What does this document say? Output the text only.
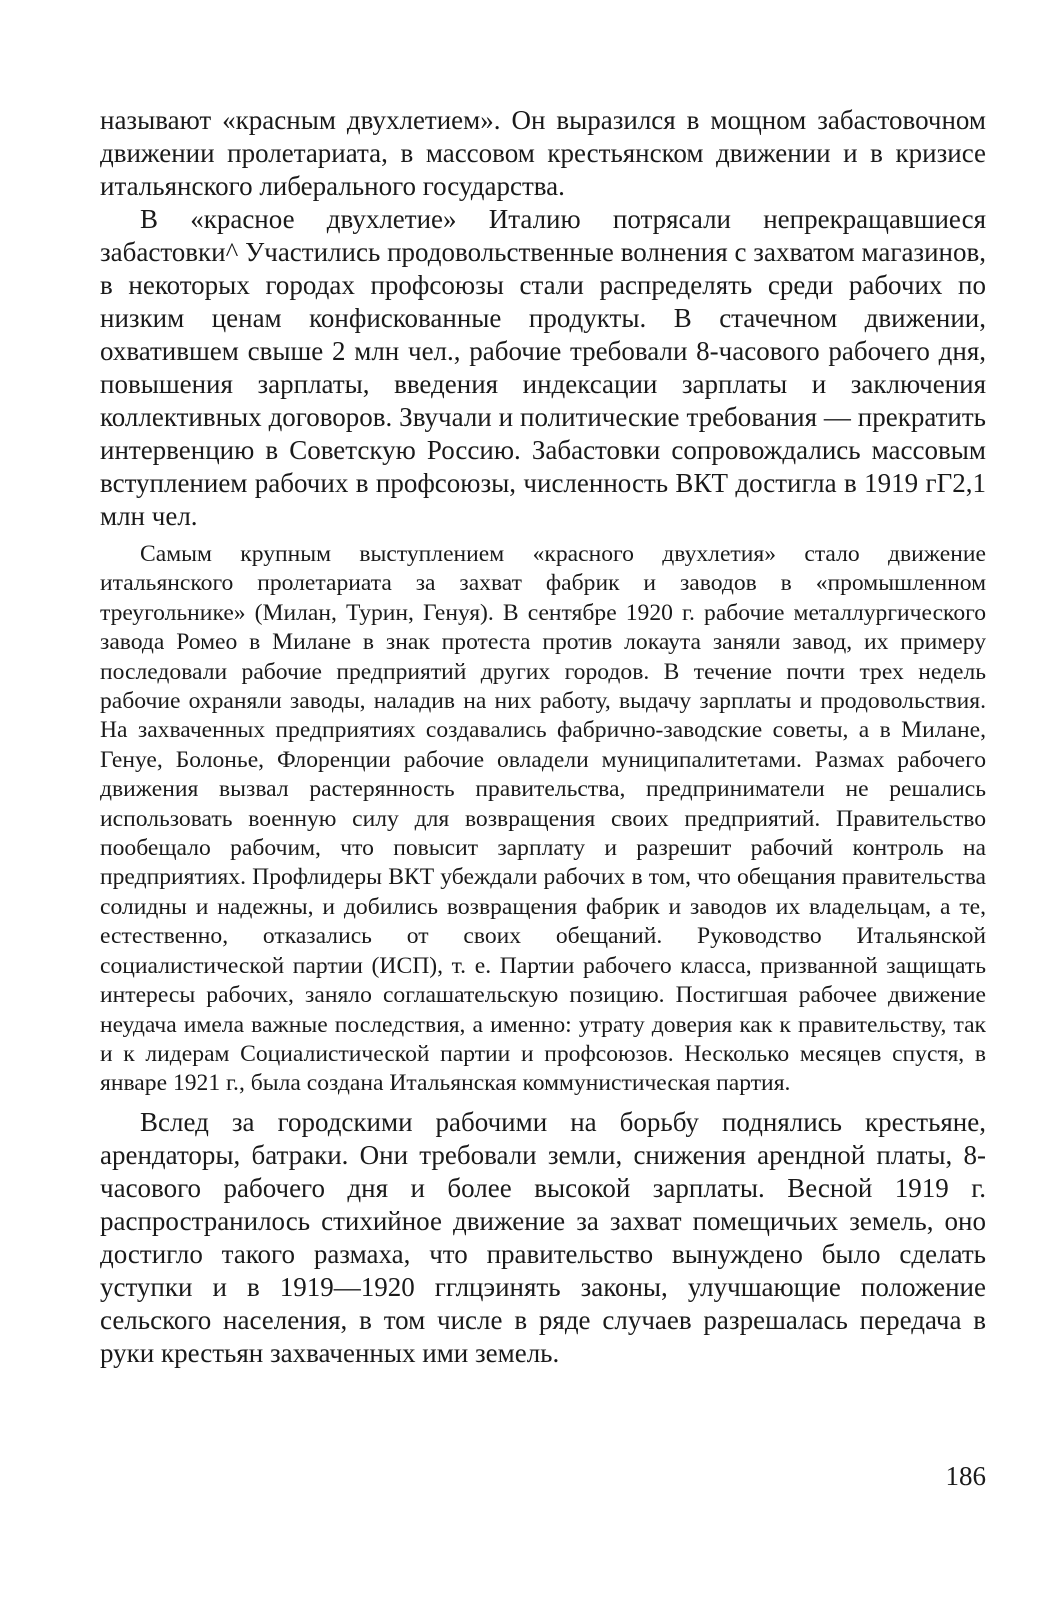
называют «красным двухлетием». Он выразился в мощном забастовочном движении пролетариата, в массовом крестьянском движении и в кризисе итальянского либерального государства.

В «красное двухлетие» Италию потрясали непрекращавшиеся забастовки^ Участились продовольственные волнения с захватом магазинов, в некоторых городах профсоюзы стали распределять среди рабочих по низким ценам конфискованные продукты. В стачечном движении, охватившем свыше 2 млн чел., рабочие требовали 8-часового рабочего дня, повышения зарплаты, введения индексации зарплаты и заключения коллективных договоров. Звучали и политические требования — прекратить интервенцию в Советскую Россию. Забастовки сопровождались массовым вступлением рабочих в профсоюзы, численность ВКТ достигла в 1919 гГ2,1 млн чел.

Самым крупным выступлением «красного двухлетия» стало движение итальянского пролетариата за захват фабрик и заводов в «промышленном треугольнике» (Милан, Турин, Генуя). В сентябре 1920 г. рабочие металлургического завода Ромео в Милане в знак протеста против локаута заняли завод, их примеру последовали рабочие предприятий других городов. В течение почти трех недель рабочие охраняли заводы, наладив на них работу, выдачу зарплаты и продовольствия. На захваченных предприятиях создавались фабрично-заводские советы, а в Милане, Генуе, Болонье, Флоренции рабочие овладели муниципалитетами. Размах рабочего движения вызвал растерянность правительства, предприниматели не решались использовать военную силу для возвращения своих предприятий. Правительство пообещало рабочим, что повысит зарплату и разрешит рабочий контроль на предприятиях. Профлидеры ВКТ убеждали рабочих в том, что обещания правительства солидны и надежны, и добились возвращения фабрик и заводов их владельцам, а те, естественно, отказались от своих обещаний. Руководство Итальянской социалистической партии (ИСП), т. е. Партии рабочего класса, призванной защищать интересы рабочих, заняло соглашательскую позицию. Постигшая рабочее движение неудача имела важные последствия, а именно: утрату доверия как к правительству, так и к лидерам Социалистической партии и профсоюзов. Несколько месяцев спустя, в январе 1921 г., была создана Итальянская коммунистическая партия.

Вслед за городскими рабочими на борьбу поднялись крестьяне, арендаторы, батраки. Они требовали земли, снижения арендной платы, 8-часового рабочего дня и более высокой зарплаты. Весной 1919 г. распространилось стихийное движение за захват помещичьих земель, оно достигло такого размаха, что правительство вынуждено было сделать уступки и в 1919—1920 гглцэинять законы, улучшающие положение сельского населения, в том числе в ряде случаев разрешалась передача в руки крестьян захваченных ими земель.

186
